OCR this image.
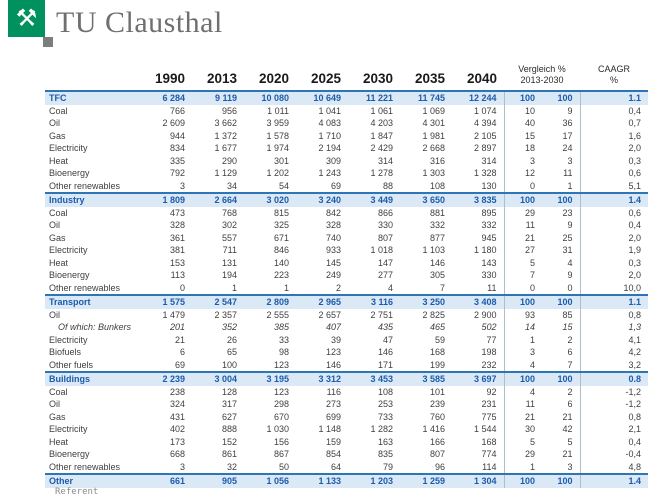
⚒ TU Clausthal
	1990	2013	2020	2025	2030	2035	2040	
Vergleich %
2013-2030

CAAGR
%

TFC	6 284	9 119	10 080	10 649	11 221	11 745	12 244	100	100	1.1
Coal	766	956	1 011	1 041	1 061	1 069	1 074	10	9	0,4
Oil	2 609	3 662	3 959	4 083	4 203	4 301	4 394	40	36	0,7
Gas	944	1 372	1 578	1 710	1 847	1 981	2 105	15	17	1,6
Electricity	834	1 677	1 974	2 194	2 429	2 668	2 897	18	24	2,0
Heat	335	290	301	309	314	316	314	3	3	0,3
Bioenergy	792	1 129	1 202	1 243	1 278	1 303	1 328	12	11	0,6
Other renewables	3	34	54	69	88	108	130	0	1	5,1
Industry	1 809	2 664	3 020	3 240	3 449	3 650	3 835	100	100	1.4
Coal	473	768	815	842	866	881	895	29	23	0,6
Oil	328	302	325	328	330	332	332	11	9	0,4
Gas	361	557	671	740	807	877	945	21	25	2,0
Electricity	381	711	846	933	1 018	1 103	1 180	27	31	1,9
Heat	153	131	140	145	147	146	143	5	4	0,3
Bioenergy	113	194	223	249	277	305	330	7	9	2,0
Other renewables	0	1	1	2	4	7	11	0	0	10,0
Transport	1 575	2 547	2 809	2 965	3 116	3 250	3 408	100	100	1.1
Oil	1 479	2 357	2 555	2 657	2 751	2 825	2 900	93	85	0,8
Of which: Bunkers	201	352	385	407	435	465	502	14	15	1,3
Electricity	21	26	33	39	47	59	77	1	2	4,1
Biofuels	6	65	98	123	146	168	198	3	6	4,2
Other fuels	69	100	123	146	171	199	232	4	7	3,2
Buildings	2 239	3 004	3 195	3 312	3 453	3 585	3 697	100	100	0.8
Coal	238	128	123	116	108	101	92	4	2	-1,2
Oil	324	317	298	273	253	239	231	11	6	-1,2
Gas	431	627	670	699	733	760	775	21	21	0,8
Electricity	402	888	1 030	1 148	1 282	1 416	1 544	30	42	2,1
Heat	173	152	156	159	163	166	168	5	5	0,4
Bioenergy	668	861	867	854	835	807	774	29	21	-0,4
Other renewables	3	32	50	64	79	96	114	1	3	4,8
Other	661	905	1 056	1 133	1 203	1 259	1 304	100	100	1.4
Referent
